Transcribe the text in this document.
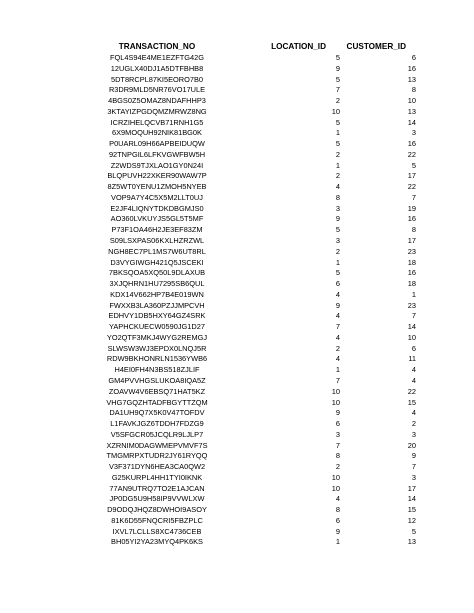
TRANSACTION_NO	LOCATION_ID	CUSTOMER_ID
FQL4S94E4ME1EZFTG42G	5	6
12UGLX40DJ1A5DTFBHB8	9	16
5DT8RCPL87KI5EORO7B0	5	13
R3DR9MLD5NR76VO17ULE	7	8
4BGS0Z5OMAZ8NDAFHHP3	2	10
3KTAYIZPGDQMZMRWZ8NG	10	13
ICRZIHELQCVB71RNH1G5	5	14
6X9MOQUH92NIK81BG0K	1	3
P0UARL09H66APBEIDUQW	5	16
92TNPGIL6LFKVGWFBW5H	2	22
Z2WDS9TJXLAO1GY0N24I	1	5
BLQPUVH22XKER90WAW7P	2	17
8Z5WT0YENU1ZMOH5NYEB	4	22
VOP9A7Y4C5X5M2LLT0UJ	8	7
E2JF4LIQNYTDKDBGMJS0	3	19
AO360LVKUYJS5GL5T5MF	9	16
P73F1OA46H2JE3EF83ZM	5	8
S09LSXPAS06KXLHZRZWL	3	17
NGH8EC7PL1MS7W6UT8RL	2	23
D3VYGIWGH421Q5JSCEKI	1	18
7BKSQOA5XQ50L9DLAXUB	5	16
3XJQHRN1HU7295SB6QUL	6	18
KDX14V662HP7B4E019WN	4	1
FWXXB3LA360PZJJMPCVH	9	23
EDHVY1DB5HXY64GZ4SRK	4	7
YAPHCKUECW0590JG1D27	7	14
YO2QTF3MKJ4WYG2REMGJ	4	10
SLWSW3WJ3EPDX0LNQJ5R	2	6
RDW9BKHONRLN1536YWB6	4	11
H4EI0FH4N3BS518ZJLIF	1	4
GM4PVVHGSLUKOA8IQA5Z	7	4
ZOAVW4V6EBSQ71HAT5KZ	10	22
VHG7GQZHTADFBGYTTZQM	10	15
DA1UH9Q7X5K0V47TOFDV	9	4
L1FAVKJGZ6TDDH7FDZG9	6	2
V5SFGCR05JCQLR9LJLP7	3	3
XZRNIM0DAGWMEPVMVF7S	7	20
TMGMRPXTUDR2JY61RYQQ	8	9
V3F371DYN6HEA3CA0QW2	2	7
G25KURPL4HH1TYI0IKNK	10	3
77AN9UTRQ7TO2E1AJCAN	10	17
JP0DG5U9H58IP9VVWLXW	4	14
D9ODQJHQZ8DWHOI9ASOY	8	15
81K6D55FNQCRI5FBZPLC	6	12
IXVL7LCLLS8XC4736CEB	9	5
BH05YI2YA23MYQ4PK6KS	1	13
